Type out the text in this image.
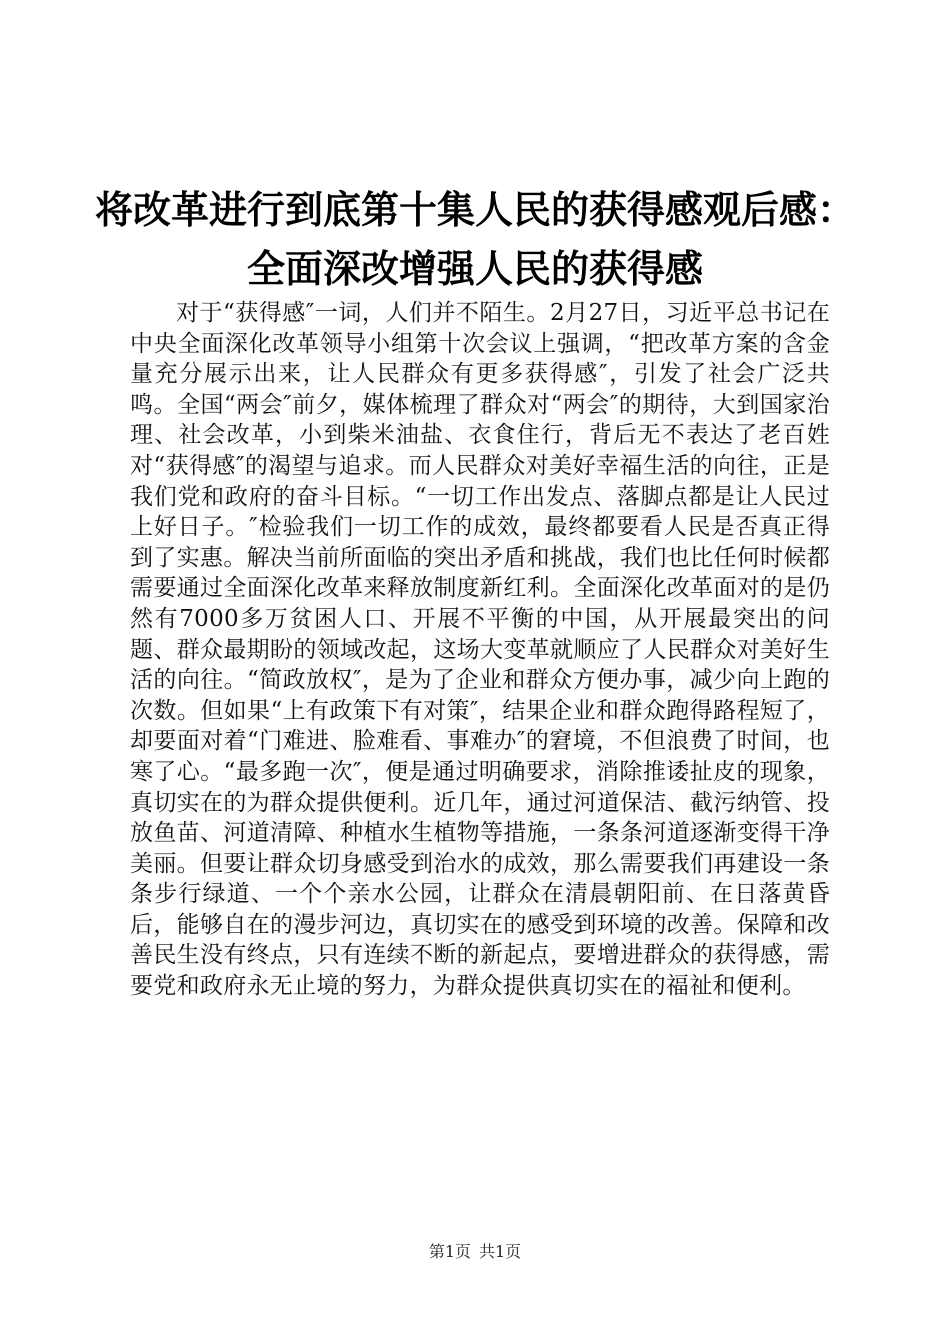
将改革进行到底第十集人民的获得感观后感：
全面深改增强人民的获得感

对于“获得感″一词，人们并不陌生。2月27日，习近平总书记在中央全面深化改革领导小组第十次会议上强调，“把改革方案的含金量充分展示出来，让人民群众有更多获得感″，引发了社会广泛共鸣。全国“两会″前夕，媒体梳理了群众对“两会″的期待，大到国家治理、社会改革，小到柴米油盐、衣食住行，背后无不表达了老百姓对“获得感″的渴望与追求。而人民群众对美好幸福生活的向往，正是我们党和政府的奋斗目标。“一切工作出发点、落脚点都是让人民过上好日子。″检验我们一切工作的成效，最终都要看人民是否真正得到了实惠。解决当前所面临的突出矛盾和挑战，我们也比任何时候都需要通过全面深化改革来释放制度新红利。全面深化改革面对的是仍然有7000多万贫困人口、开展不平衡的中国，从开展最突出的问题、群众最期盼的领域改起，这场大变革就顺应了人民群众对美好生活的向往。“简政放权″，是为了企业和群众方便办事，减少向上跑的次数。但如果“上有政策下有对策″，结果企业和群众跑得路程短了，却要面对着“门难进、脸难看、事难办″的窘境，不但浪费了时间，也寒了心。“最多跑一次″，便是通过明确要求，消除推诿扯皮的现象，真切实在的为群众提供便利。近几年，通过河道保洁、截污纳管、投放鱼苗、河道清障、种植水生植物等措施，一条条河道逐渐变得干净美丽。但要让群众切身感受到治水的成效，那么需要我们再建设一条条步行绿道、一个个亲水公园，让群众在清晨朝阳前、在日落黄昏后，能够自在的漫步河边，真切实在的感受到环境的改善。保障和改善民生没有终点，只有连续不断的新起点，要增进群众的获得感，需要党和政府永无止境的努力，为群众提供真切实在的福祉和便利。

第1页 共1页
